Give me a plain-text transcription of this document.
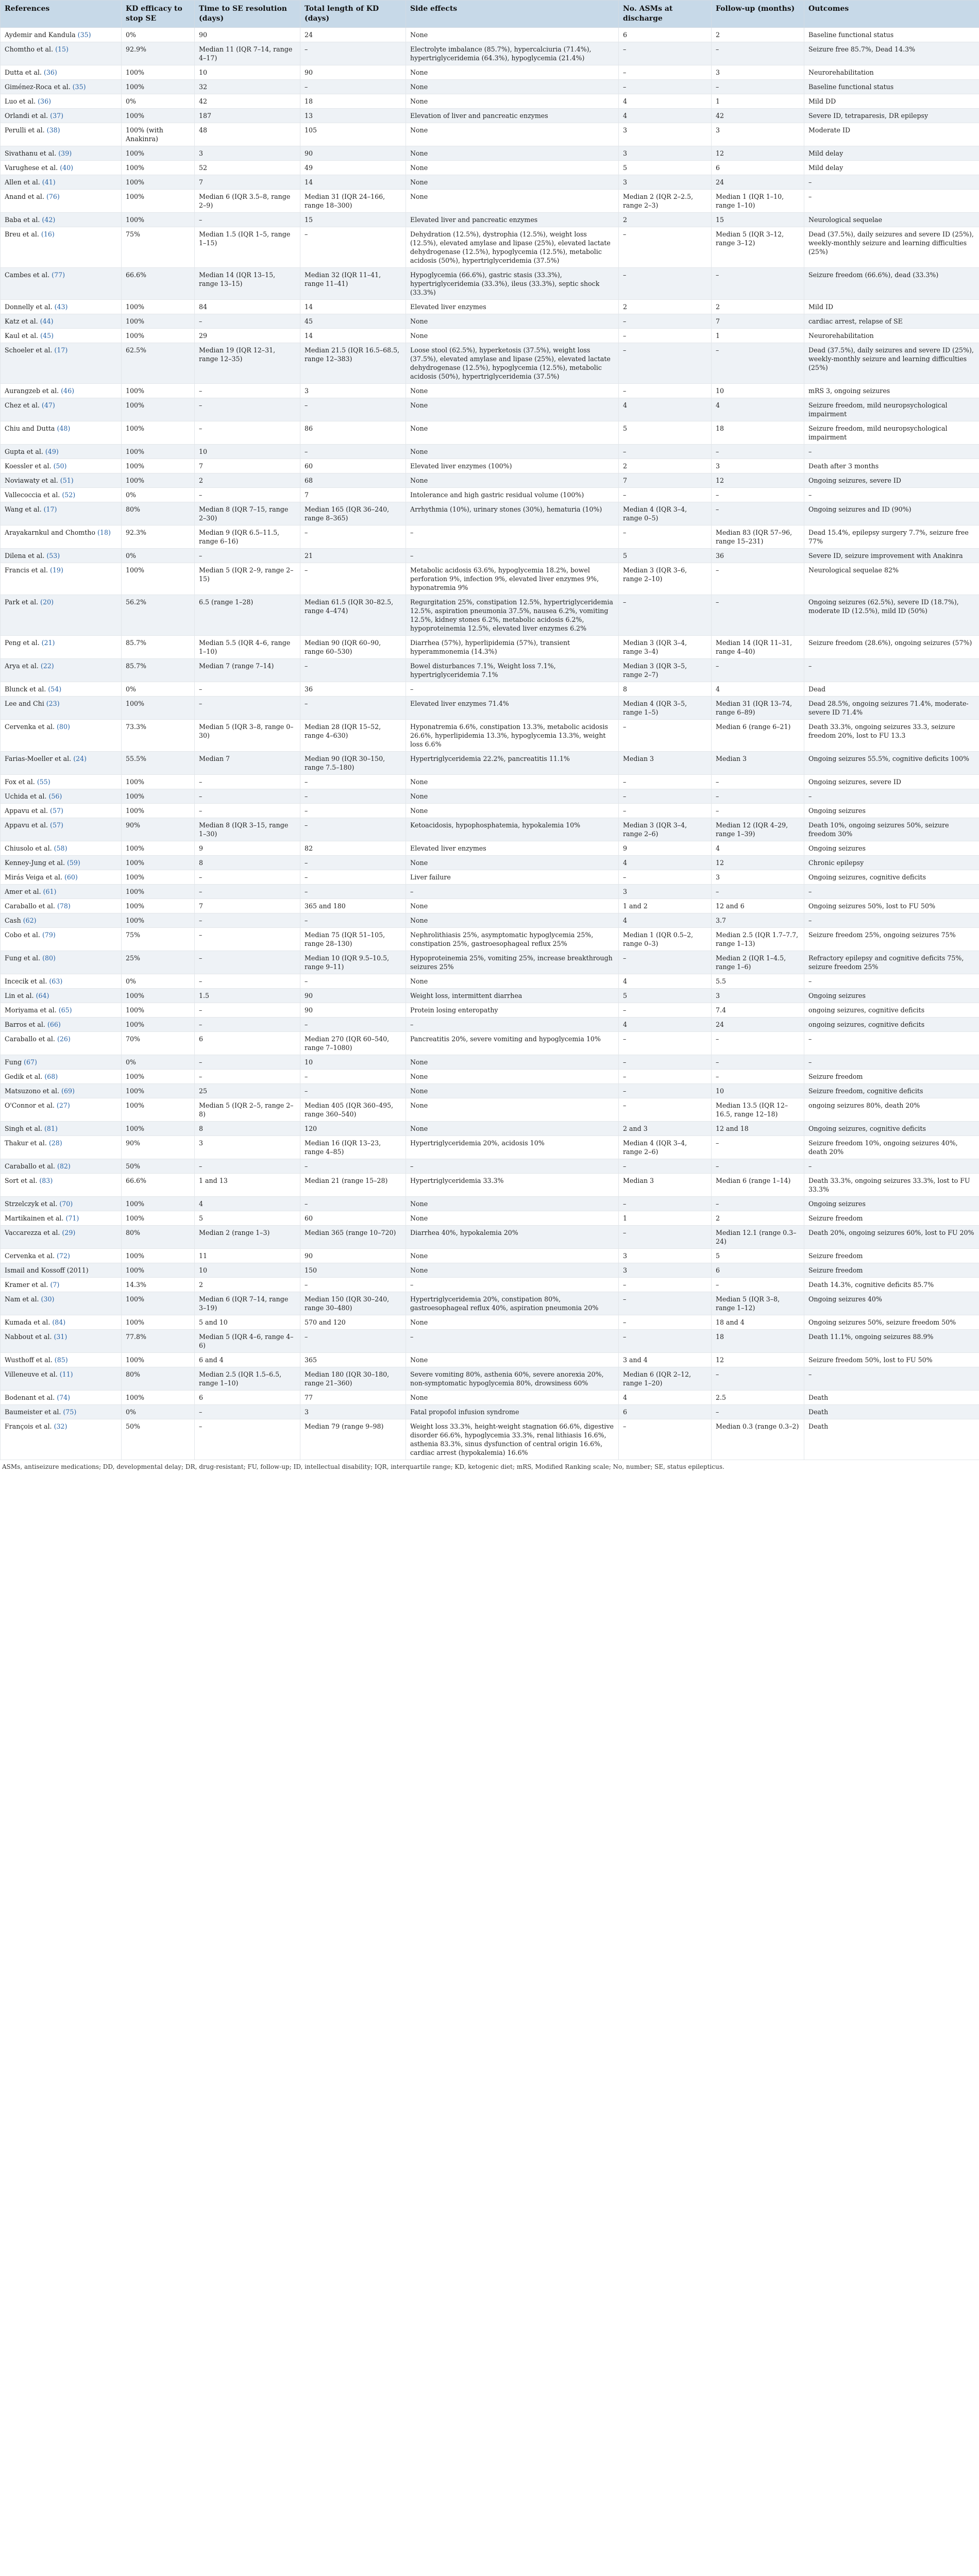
References	KD efficacy to stop SE	Time to SE resolution (days)	Total length of KD (days)	Side effects	No. ASMs at discharge	Follow-up (months)	Outcomes
Aydemir and Kandula (35)	0%	90	24	None	6	2	Baseline functional status
Chomtho et al. (15)	92.9%	Median 11 (IQR 7–14, range 4–17)	–	Electrolyte imbalance (85.7%), hypercalciuria (71.4%), hypertriglyceridemia (64.3%), hypoglycemia (21.4%)	–	–	Seizure free 85.7%, Dead 14.3%
Dutta et al. (36)	100%	10	90	None	–	3	Neurorehabilitation
Giménez-Roca et al. (35)	100%	32	–	None	–	–	Baseline functional status
Luo et al. (36)	0%	42	18	None	4	1	Mild DD
Orlandi et al. (37)	100%	187	13	Elevation of liver and pancreatic enzymes	4	42	Severe ID, tetraparesis, DR epilepsy
Perulli et al. (38)	100% (with Anakinra)	48	105	None	3	3	Moderate ID
Sivathanu et al. (39)	100%	3	90	None	3	12	Mild delay
Varughese et al. (40)	100%	52	49	None	5	6	Mild delay
Allen et al. (41)	100%	7	14	None	3	24	–
Anand et al. (76)	100%	Median 6 (IQR 3.5–8, range 2–9)	Median 31 (IQR 24–166, range 18–300)	None	Median 2 (IQR 2–2.5, range 2–3)	Median 1 (IQR 1–10, range 1–10)	–
Baba et al. (42)	100%	–	15	Elevated liver and pancreatic enzymes	2	15	Neurological sequelae
Breu et al. (16)	75%	Median 1.5 (IQR 1–5, range 1–15)	–	Dehydration (12.5%), dystrophia (12.5%), weight loss (12.5%), elevated amylase and lipase (25%), elevated lactate dehydrogenase (12.5%), hypoglycemia (12.5%), metabolic acidosis (50%), hypertriglyceridemia (37.5%)	–	Median 5 (IQR 3–12, range 3–12)	Dead (37.5%), daily seizures and severe ID (25%), weekly-monthly seizure and learning difficulties (25%)
Cambes et al. (77)	66.6%	Median 14 (IQR 13–15, range 13–15)	Median 32 (IQR 11–41, range 11–41)	Hypoglycemia (66.6%), gastric stasis (33.3%), hypertriglyceridemia (33.3%), ileus (33.3%), septic shock (33.3%)	–	–	Seizure freedom (66.6%), dead (33.3%)
Donnelly et al. (43)	100%	84	14	Elevated liver enzymes	2	2	Mild ID
Katz et al. (44)	100%	–	45	None	–	7	cardiac arrest, relapse of SE
Kaul et al. (45)	100%	29	14	None	–	1	Neurorehabilitation
Schoeler et al. (17)	62.5%	Median 19 (IQR 12–31, range 12–35)	Median 21.5 (IQR 16.5–68.5, range 12–383)	Loose stool (62.5%), hyperketosis (37.5%), weight loss (37.5%), elevated amylase and lipase (25%), elevated lactate dehydrogenase (12.5%), hypoglycemia (12.5%), metabolic acidosis (50%), hypertriglyceridemia (37.5%)	–	–	Dead (37.5%), daily seizures and severe ID (25%), weekly-monthly seizure and learning difficulties (25%)
Aurangzeb et al. (46)	100%	–	3	None	–	10	mRS 3, ongoing seizures
Chez et al. (47)	100%	–	–	None	4	4	Seizure freedom, mild neuropsychological impairment
Chiu and Dutta (48)	100%	–	86	None	5	18	Seizure freedom, mild neuropsychological impairment
Gupta et al. (49)	100%	10	–	None	–	–	–
Koessler et al. (50)	100%	7	60	Elevated liver enzymes (100%)	2	3	Death after 3 months
Noviawaty et al. (51)	100%	2	68	None	7	12	Ongoing seizures, severe ID
Vallecoccia et al. (52)	0%	–	7	Intolerance and high gastric residual volume (100%)	–	–	–
Wang et al. (17)	80%	Median 8 (IQR 7–15, range 2–30)	Median 165 (IQR 36–240, range 8–365)	Arrhythmia (10%), urinary stones (30%), hematuria (10%)	Median 4 (IQR 3–4, range 0–5)	–	Ongoing seizures and ID (90%)
Arayakarnkul and Chomtho (18)	92.3%	Median 9 (IQR 6.5–11.5, range 6–16)	–	–	–	Median 83 (IQR 57–96, range 15–231)	Dead 15.4%, epilepsy surgery 7.7%, seizure free 77%
Dilena et al. (53)	0%	–	21	–	5	36	Severe ID, seizure improvement with Anakinra
Francis et al. (19)	100%	Median 5 (IQR 2–9, range 2–15)	–	Metabolic acidosis 63.6%, hypoglycemia 18.2%, bowel perforation 9%, infection 9%, elevated liver enzymes 9%, hyponatremia 9%	Median 3 (IQR 3–6, range 2–10)	–	Neurological sequelae 82%
Park et al. (20)	56.2%	6.5 (range 1–28)	Median 61.5 (IQR 30–82.5, range 4–474)	Regurgitation 25%, constipation 12.5%, hypertriglyceridemia 12.5%, aspiration pneumonia 37.5%, nausea 6.2%, vomiting 12.5%, kidney stones 6.2%, metabolic acidosis 6.2%, hypoproteinemia 12.5%, elevated liver enzymes 6.2%	–	–	Ongoing seizures (62.5%), severe ID (18.7%), moderate ID (12.5%), mild ID (50%)
Peng et al. (21)	85.7%	Median 5.5 (IQR 4–6, range 1–10)	Median 90 (IQR 60–90, range 60–530)	Diarrhea (57%), hyperlipidemia (57%), transient hyperammonemia (14.3%)	Median 3 (IQR 3–4, range 3–4)	Median 14 (IQR 11–31, range 4–40)	Seizure freedom (28.6%), ongoing seizures (57%)
Arya et al. (22)	85.7%	Median 7 (range 7–14)	–	Bowel disturbances 7.1%, Weight loss 7.1%, hypertriglyceridemia 7.1%	Median 3 (IQR 3–5, range 2–7)	–	–
Blunck et al. (54)	0%	–	36	–	8	4	Dead
Lee and Chi (23)	100%	–	–	Elevated liver enzymes 71.4%	Median 4 (IQR 3–5, range 1–5)	Median 31 (IQR 13–74, range 6–89)	Dead 28.5%, ongoing seizures 71.4%, moderate-severe ID 71.4%
Cervenka et al. (80)	73.3%	Median 5 (IQR 3–8, range 0–30)	Median 28 (IQR 15–52, range 4–630)	Hyponatremia 6.6%, constipation 13.3%, metabolic acidosis 26.6%, hyperlipidemia 13.3%, hypoglycemia 13.3%, weight loss 6.6%	–	Median 6 (range 6–21)	Death 33.3%, ongoing seizures 33.3, seizure freedom 20%, lost to FU 13.3
Farias-Moeller et al. (24)	55.5%	Median 7	Median 90 (IQR 30–150, range 7.5–180)	Hypertriglyceridemia 22.2%, pancreatitis 11.1%	Median 3	Median 3	Ongoing seizures 55.5%, cognitive deficits 100%
Fox et al. (55)	100%	–	–	None	–	–	Ongoing seizures, severe ID
Uchida et al. (56)	100%	–	–	None	–	–	–
Appavu et al. (57)	100%	–	–	None	–	–	Ongoing seizures
Appavu et al. (57)	90%	Median 8 (IQR 3–15, range 1–30)	–	Ketoacidosis, hypophosphatemia, hypokalemia 10%	Median 3 (IQR 3–4, range 2–6)	Median 12 (IQR 4–29, range 1–39)	Death 10%, ongoing seizures 50%, seizure freedom 30%
Chiusolo et al. (58)	100%	9	82	Elevated liver enzymes	9	4	Ongoing seizures
Kenney-Jung et al. (59)	100%	8	–	None	4	12	Chronic epilepsy
Mirás Veiga et al. (60)	100%	–	–	Liver failure	–	3	Ongoing seizures, cognitive deficits
Amer et al. (61)	100%	–	–	–	3	–	–
Caraballo et al. (78)	100%	7	365 and 180	None	1 and 2	12 and 6	Ongoing seizures 50%, lost to FU 50%
Cash (62)	100%	–	–	None	4	3.7	–
Cobo et al. (79)	75%	–	Median 75 (IQR 51–105, range 28–130)	Nephrolithiasis 25%, asymptomatic hypoglycemia 25%, constipation 25%, gastroesophageal reflux 25%	Median 1 (IQR 0.5–2, range 0–3)	Median 2.5 (IQR 1.7–7.7, range 1–13)	Seizure freedom 25%, ongoing seizures 75%
Fung et al. (80)	25%	–	Median 10 (IQR 9.5–10.5, range 9–11)	Hypoproteinemia 25%, vomiting 25%, increase breakthrough seizures 25%	–	Median 2 (IQR 1–4.5, range 1–6)	Refractory epilepsy and cognitive deficits 75%, seizure freedom 25%
Incecik et al. (63)	0%	–	–	None	4	5.5	–
Lin et al. (64)	100%	1.5	90	Weight loss, intermittent diarrhea	5	3	Ongoing seizures
Moriyama et al. (65)	100%	–	90	Protein losing enteropathy	–	7.4	ongoing seizures, cognitive deficits
Barros et al. (66)	100%	–	–	–	4	24	ongoing seizures, cognitive deficits
Caraballo et al. (26)	70%	6	Median 270 (IQR 60–540, range 7–1080)	Pancreatitis 20%, severe vomiting and hypoglycemia 10%	–	–	–
Fung (67)	0%	–	10	None	–	–	–
Gedik et al. (68)	100%	–	–	None	–	–	Seizure freedom
Matsuzono et al. (69)	100%	25	–	None	–	10	Seizure freedom, cognitive deficits
O'Connor et al. (27)	100%	Median 5 (IQR 2–5, range 2–8)	Median 405 (IQR 360–495, range 360–540)	None	–	Median 13.5 (IQR 12–16.5, range 12–18)	ongoing seizures 80%, death 20%
Singh et al. (81)	100%	8	120	None	2 and 3	12 and 18	Ongoing seizures, cognitive deficits
Thakur et al. (28)	90%	3	Median 16 (IQR 13–23, range 4–85)	Hypertriglyceridemia 20%, acidosis 10%	Median 4 (IQR 3–4, range 2–6)	–	Seizure freedom 10%, ongoing seizures 40%, death 20%
Caraballo et al. (82)	50%	–	–	–	–	–	–
Sort et al. (83)	66.6%	1 and 13	Median 21 (range 15–28)	Hypertriglyceridemia 33.3%	Median 3	Median 6 (range 1–14)	Death 33.3%, ongoing seizures 33.3%, lost to FU 33.3%
Strzelczyk et al. (70)	100%	4	–	None	–	–	Ongoing seizures
Martikainen et al. (71)	100%	5	60	None	1	2	Seizure freedom
Vaccarezza et al. (29)	80%	Median 2 (range 1–3)	Median 365 (range 10–720)	Diarrhea 40%, hypokalemia 20%	–	Median 12.1 (range 0.3–24)	Death 20%, ongoing seizures 60%, lost to FU 20%
Cervenka et al. (72)	100%	11	90	None	3	5	Seizure freedom
Ismail and Kossoff (2011)	100%	10	150	None	3	6	Seizure freedom
Kramer et al. (7)	14.3%	2	–	–	–	–	Death 14.3%, cognitive deficits 85.7%
Nam et al. (30)	100%	Median 6 (IQR 7–14, range 3–19)	Median 150 (IQR 30–240, range 30–480)	Hypertriglyceridemia 20%, constipation 80%, gastroesophageal reflux 40%, aspiration pneumonia 20%	–	Median 5 (IQR 3–8, range 1–12)	Ongoing seizures 40%
Kumada et al. (84)	100%	5 and 10	570 and 120	None	–	18 and 4	Ongoing seizures 50%, seizure freedom 50%
Nabbout et al. (31)	77.8%	Median 5 (IQR 4–6, range 4–6)	–	–	–	18	Death 11.1%, ongoing seizures 88.9%
Wusthoff et al. (85)	100%	6 and 4	365	None	3 and 4	12	Seizure freedom 50%, lost to FU 50%
Villeneuve et al. (11)	80%	Median 2.5 (IQR 1.5–6.5, range 1–10)	Median 180 (IQR 30–180, range 21–360)	Severe vomiting 80%, asthenia 60%, severe anorexia 20%, non-symptomatic hypoglycemia 80%, drowsiness 60%	Median 6 (IQR 2–12, range 1–20)	–	–
Bodenant et al. (74)	100%	6	77	None	4	2.5	Death
Baumeister et al. (75)	0%	–	3	Fatal propofol infusion syndrome	6	–	Death
François et al. (32)	50%	–	Median 79 (range 9–98)	Weight loss 33.3%, height-weight stagnation 66.6%, digestive disorder 66.6%, hypoglycemia 33.3%, renal lithiasis 16.6%, asthenia 83.3%, sinus dysfunction of central origin 16.6%, cardiac arrest (hypokalemia) 16.6%	–	Median 0.3 (range 0.3–2)	Death
ASMs, antiseizure medications; DD, developmental delay; DR, drug-resistant; FU, follow-up; ID, intellectual disability; IQR, interquartile range; KD, ketogenic diet; mRS, Modified Ranking scale; No, number; SE, status epilepticus.
